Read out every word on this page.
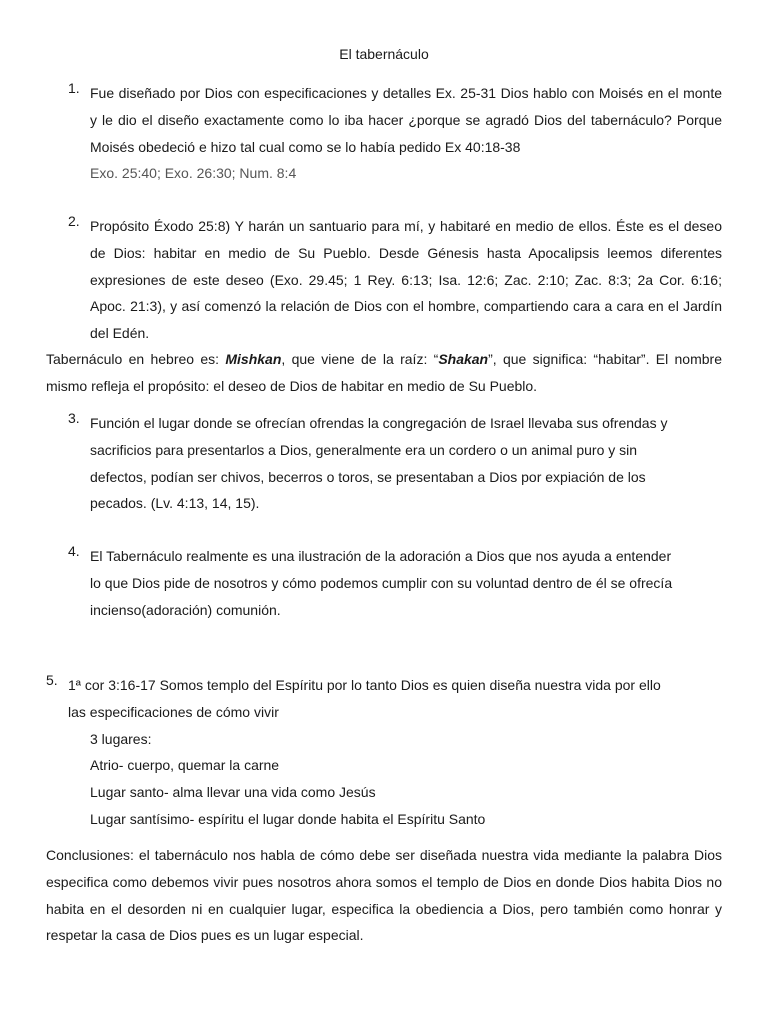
El tabernáculo
1. Fue diseñado por Dios con especificaciones y detalles Ex. 25-31 Dios hablo con Moisés en el monte y le dio el diseño exactamente como lo iba hacer ¿porque se agradó Dios del tabernáculo? Porque Moisés obedeció e hizo tal cual como se lo había pedido Ex 40:18-38

Exo. 25:40; Exo. 26:30; Num. 8:4

2. Propósito Éxodo 25:8) Y harán un santuario para mí, y habitaré en medio de ellos. Éste es el deseo de Dios: habitar en medio de Su Pueblo. Desde Génesis hasta Apocalipsis leemos diferentes expresiones de este deseo (Exo. 29.45; 1 Rey. 6:13; Isa. 12:6; Zac. 2:10; Zac. 8:3; 2a Cor. 6:16; Apoc. 21:3), y así comenzó la relación de Dios con el hombre, compartiendo cara a cara en el Jardín del Edén.

Tabernáculo en hebreo es: Mishkan, que viene de la raíz: “Shakan”, que significa: “habitar”. El nombre mismo refleja el propósito: el deseo de Dios de habitar en medio de Su Pueblo.

3. Función el lugar donde se ofrecían ofrendas la congregación de Israel llevaba sus ofrendas y

sacrificios para presentarlos a Dios, generalmente era un cordero o un animal puro y sin

defectos, podían ser chivos, becerros o toros, se presentaban a Dios por expiación de los

pecados. (Lv. 4:13, 14, 15).

4. El Tabernáculo realmente es una ilustración de la adoración a Dios que nos ayuda a entender

lo que Dios pide de nosotros y cómo podemos cumplir con su voluntad dentro de él se ofrecía

incienso(adoración) comunión.

5. 1ª cor 3:16-17 Somos templo del Espíritu por lo tanto Dios es quien diseña nuestra vida por ello

las especificaciones de cómo vivir

3 lugares:

Atrio- cuerpo, quemar la carne

Lugar santo- alma llevar una vida como Jesús

Lugar santísimo- espíritu el lugar donde habita el Espíritu Santo

Conclusiones: el tabernáculo nos habla de cómo debe ser diseñada nuestra vida mediante la palabra Dios especifica como debemos vivir pues nosotros ahora somos el templo de Dios en donde Dios habita Dios no habita en el desorden ni en cualquier lugar, especifica la obediencia a Dios, pero también como honrar y respetar la casa de Dios pues es un lugar especial.
